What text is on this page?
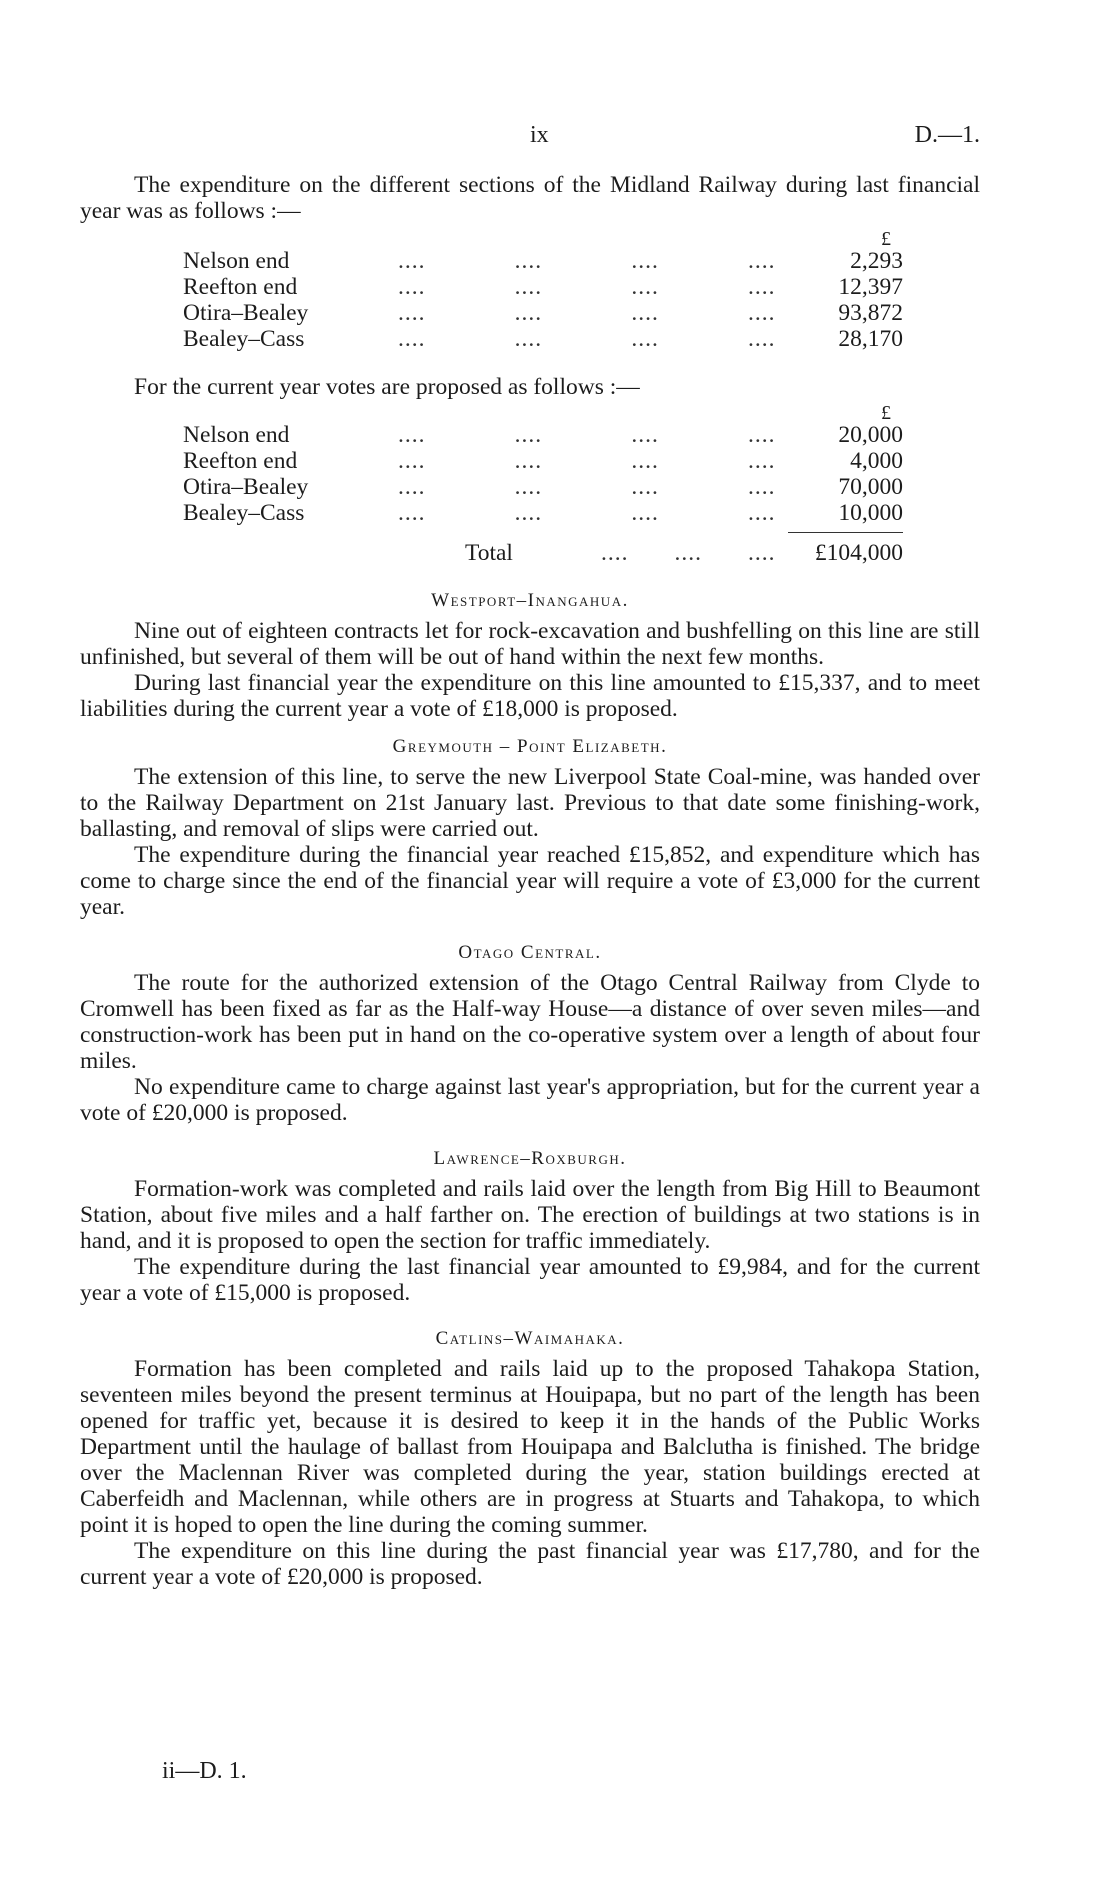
ix	D.—1.

The expenditure on the different sections of the Midland Railway during last financial year was as follows :—

£
Nelson end	....	....	....	....	2,293
Reefton end	....	....	....	....	12,397
Otira–Bealey	....	....	....	....	93,872
Bealey–Cass	....	....	....	....	28,170

For the current year votes are proposed as follows :—

£
Nelson end	....	....	....	....	20,000
Reefton end	....	....	....	....	4,000
Otira–Bealey	....	....	....	....	70,000
Bealey–Cass	....	....	....	....	10,000
Total	....	....	....	£104,000
Westport–Inangahua.

Nine out of eighteen contracts let for rock-excavation and bushfelling on this line are still unfinished, but several of them will be out of hand within the next few months.

During last financial year the expenditure on this line amounted to £15,337, and to meet liabilities during the current year a vote of £18,000 is proposed.

Greymouth – Point Elizabeth.

The extension of this line, to serve the new Liverpool State Coal-mine, was handed over to the Railway Department on 21st January last. Previous to that date some finishing-work, ballasting, and removal of slips were carried out.

The expenditure during the financial year reached £15,852, and expenditure which has come to charge since the end of the financial year will require a vote of £3,000 for the current year.

Otago Central.

The route for the authorized extension of the Otago Central Railway from Clyde to Cromwell has been fixed as far as the Half-way House—a distance of over seven miles—and construction-work has been put in hand on the co-operative system over a length of about four miles.

No expenditure came to charge against last year's appropriation, but for the current year a vote of £20,000 is proposed.

Lawrence–Roxburgh.

Formation-work was completed and rails laid over the length from Big Hill to Beaumont Station, about five miles and a half farther on. The erection of buildings at two stations is in hand, and it is proposed to open the section for traffic immediately.

The expenditure during the last financial year amounted to £9,984, and for the current year a vote of £15,000 is proposed.

Catlins–Waimahaka.

Formation has been completed and rails laid up to the proposed Tahakopa Station, seventeen miles beyond the present terminus at Houipapa, but no part of the length has been opened for traffic yet, because it is desired to keep it in the hands of the Public Works Department until the haulage of ballast from Houipapa and Balclutha is finished. The bridge over the Maclennan River was completed during the year, station buildings erected at Caberfeidh and Maclennan, while others are in progress at Stuarts and Tahakopa, to which point it is hoped to open the line during the coming summer.

The expenditure on this line during the past financial year was £17,780, and for the current year a vote of £20,000 is proposed.

ii—D. 1.
